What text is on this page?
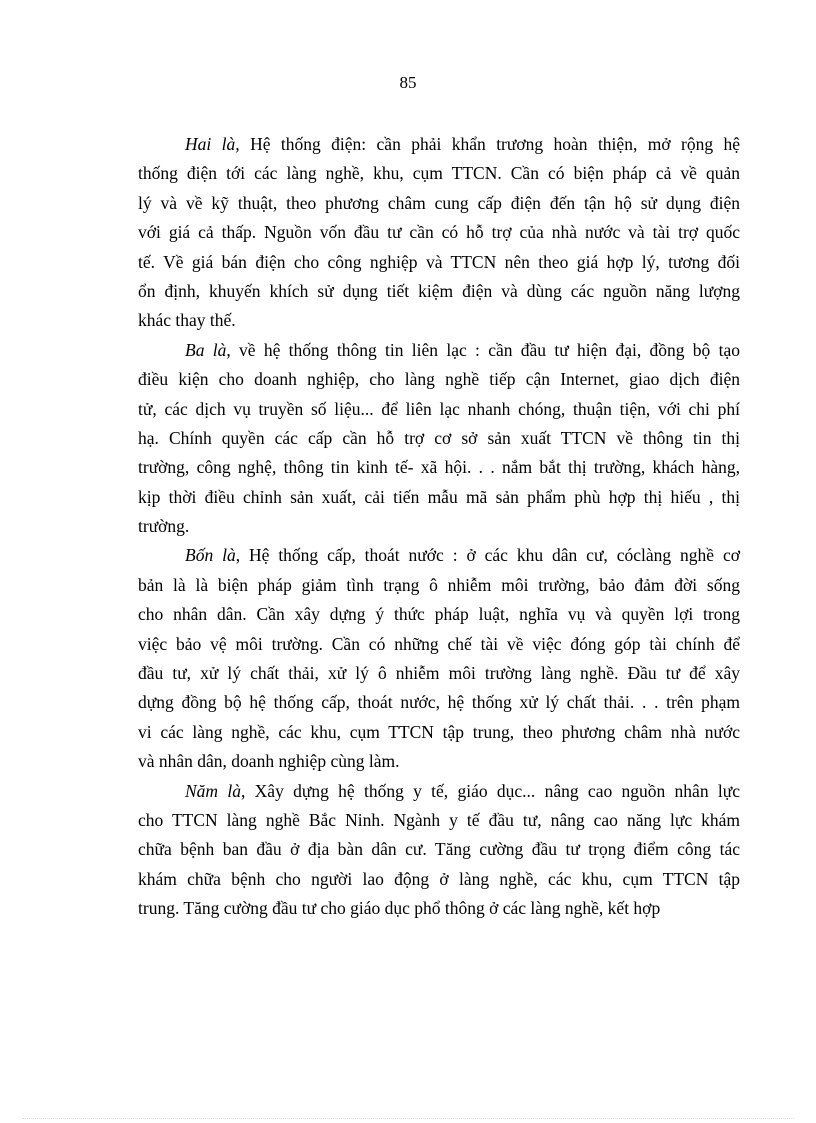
85
Hai là, Hệ thống điện: cần phải khẩn trương hoàn thiện, mở rộng hệ
thống điện tới các làng nghề, khu, cụm TTCN. Cần có biện pháp cả về quản
lý và về kỹ thuật, theo phương châm cung cấp điện đến tận hộ sử dụng điện
với giá cả thấp. Nguồn vốn đầu tư cần có hỗ trợ của nhà nước và tài trợ quốc
tế. Về giá bán điện cho công nghiệp và TTCN nên theo giá hợp lý, tương đối
ổn định, khuyến khích sử dụng tiết kiệm điện và dùng các nguồn năng lượng
khác thay thế.
Ba là, về hệ thống thông tin liên lạc : cần đầu tư hiện đại, đồng bộ tạo
điều kiện cho doanh nghiệp, cho làng nghề tiếp cận Internet, giao dịch điện
tử, các dịch vụ truyền số liệu... để liên lạc nhanh chóng, thuận tiện, với chi phí
hạ. Chính quyền các cấp cần hỗ trợ cơ sở sản xuất TTCN về thông tin thị
trường, công nghệ, thông tin kinh tế- xã hội. . . nắm bắt thị trường, khách hàng,
kịp thời điều chỉnh sản xuất, cải tiến mẫu mã sản phẩm phù hợp thị hiếu , thị
trường.
Bốn là, Hệ thống cấp, thoát nước : ở các khu dân cư, cóclàng nghề cơ
bản là là biện pháp giảm tình trạng ô nhiễm môi trường, bảo đảm đời sống
cho nhân dân. Cần xây dựng ý thức pháp luật, nghĩa vụ và quyền lợi trong
việc bảo vệ môi trường. Cần có những chế tài về việc đóng góp tài chính để
đầu tư, xử lý chất thải, xử lý ô nhiễm môi trường làng nghề. Đầu tư để xây
dựng đồng bộ hệ thống cấp, thoát nước, hệ thống xử lý chất thải. . . trên phạm
vi các làng nghề, các khu, cụm TTCN tập trung, theo phương châm nhà nước
và nhân dân, doanh nghiệp cùng làm.
Năm là, Xây dựng hệ thống y tế, giáo dục... nâng cao nguồn nhân lực
cho TTCN làng nghề Bắc Ninh. Ngành y tế đầu tư, nâng cao năng lực khám
chữa bệnh ban đầu ở địa bàn dân cư. Tăng cường đầu tư trọng điểm công tác
khám chữa bệnh cho người lao động ở làng nghề, các khu, cụm TTCN tập
trung. Tăng cường đầu tư cho giáo dục phổ thông ở các làng nghề, kết hợp
